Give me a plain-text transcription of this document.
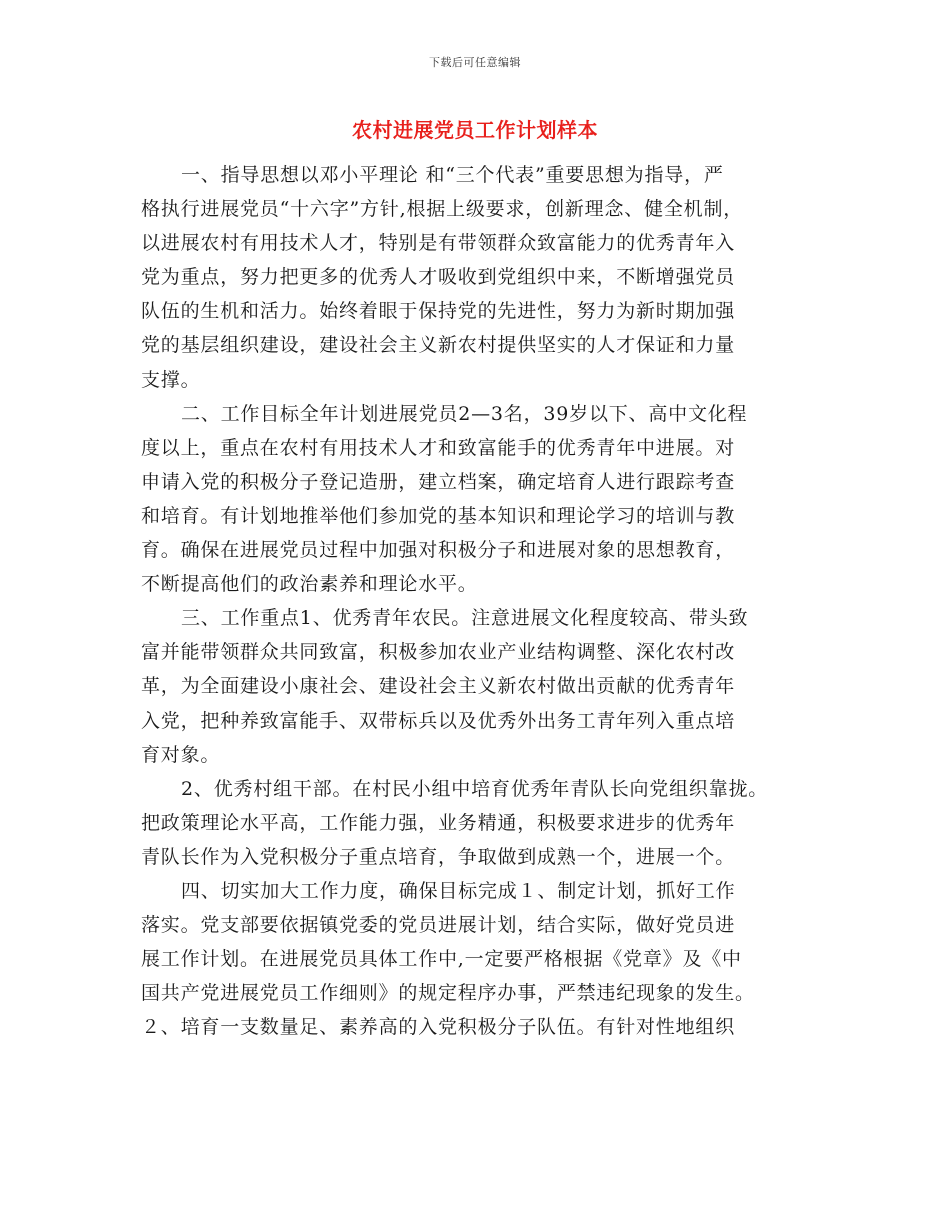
下载后可任意编辑
农村进展党员工作计划样本
一、指导思想以邓小平理论 和“三个代表”重要思想为指导，严
格执行进展党员“十六字”方针,根据上级要求，创新理念、健全机制，
以进展农村有用技术人才，特别是有带领群众致富能力的优秀青年入
党为重点，努力把更多的优秀人才吸收到党组织中来，不断增强党员
队伍的生机和活力。始终着眼于保持党的先进性，努力为新时期加强
党的基层组织建设，建设社会主义新农村提供坚实的人才保证和力量
支撑。
二、工作目标全年计划进展党员2—3名，39岁以下、高中文化程
度以上，重点在农村有用技术人才和致富能手的优秀青年中进展。对
申请入党的积极分子登记造册，建立档案，确定培育人进行跟踪考查
和培育。有计划地推举他们参加党的基本知识和理论学习的培训与教
育。确保在进展党员过程中加强对积极分子和进展对象的思想教育，
不断提高他们的政治素养和理论水平。
三、工作重点1、优秀青年农民。注意进展文化程度较高、带头致
富并能带领群众共同致富，积极参加农业产业结构调整、深化农村改
革，为全面建设小康社会、建设社会主义新农村做出贡献的优秀青年
入党，把种养致富能手、双带标兵以及优秀外出务工青年列入重点培
育对象。
2、优秀村组干部。在村民小组中培育优秀年青队长向党组织靠拢。
把政策理论水平高，工作能力强，业务精通，积极要求进步的优秀年
青队长作为入党积极分子重点培育，争取做到成熟一个，进展一个。
四、切实加大工作力度，确保目标完成１、制定计划，抓好工作
落实。党支部要依据镇党委的党员进展计划，结合实际，做好党员进
展工作计划。在进展党员具体工作中,一定要严格根据《党章》及《中
国共产党进展党员工作细则》的规定程序办事，严禁违纪现象的发生。
２、培育一支数量足、素养高的入党积极分子队伍。有针对性地组织
